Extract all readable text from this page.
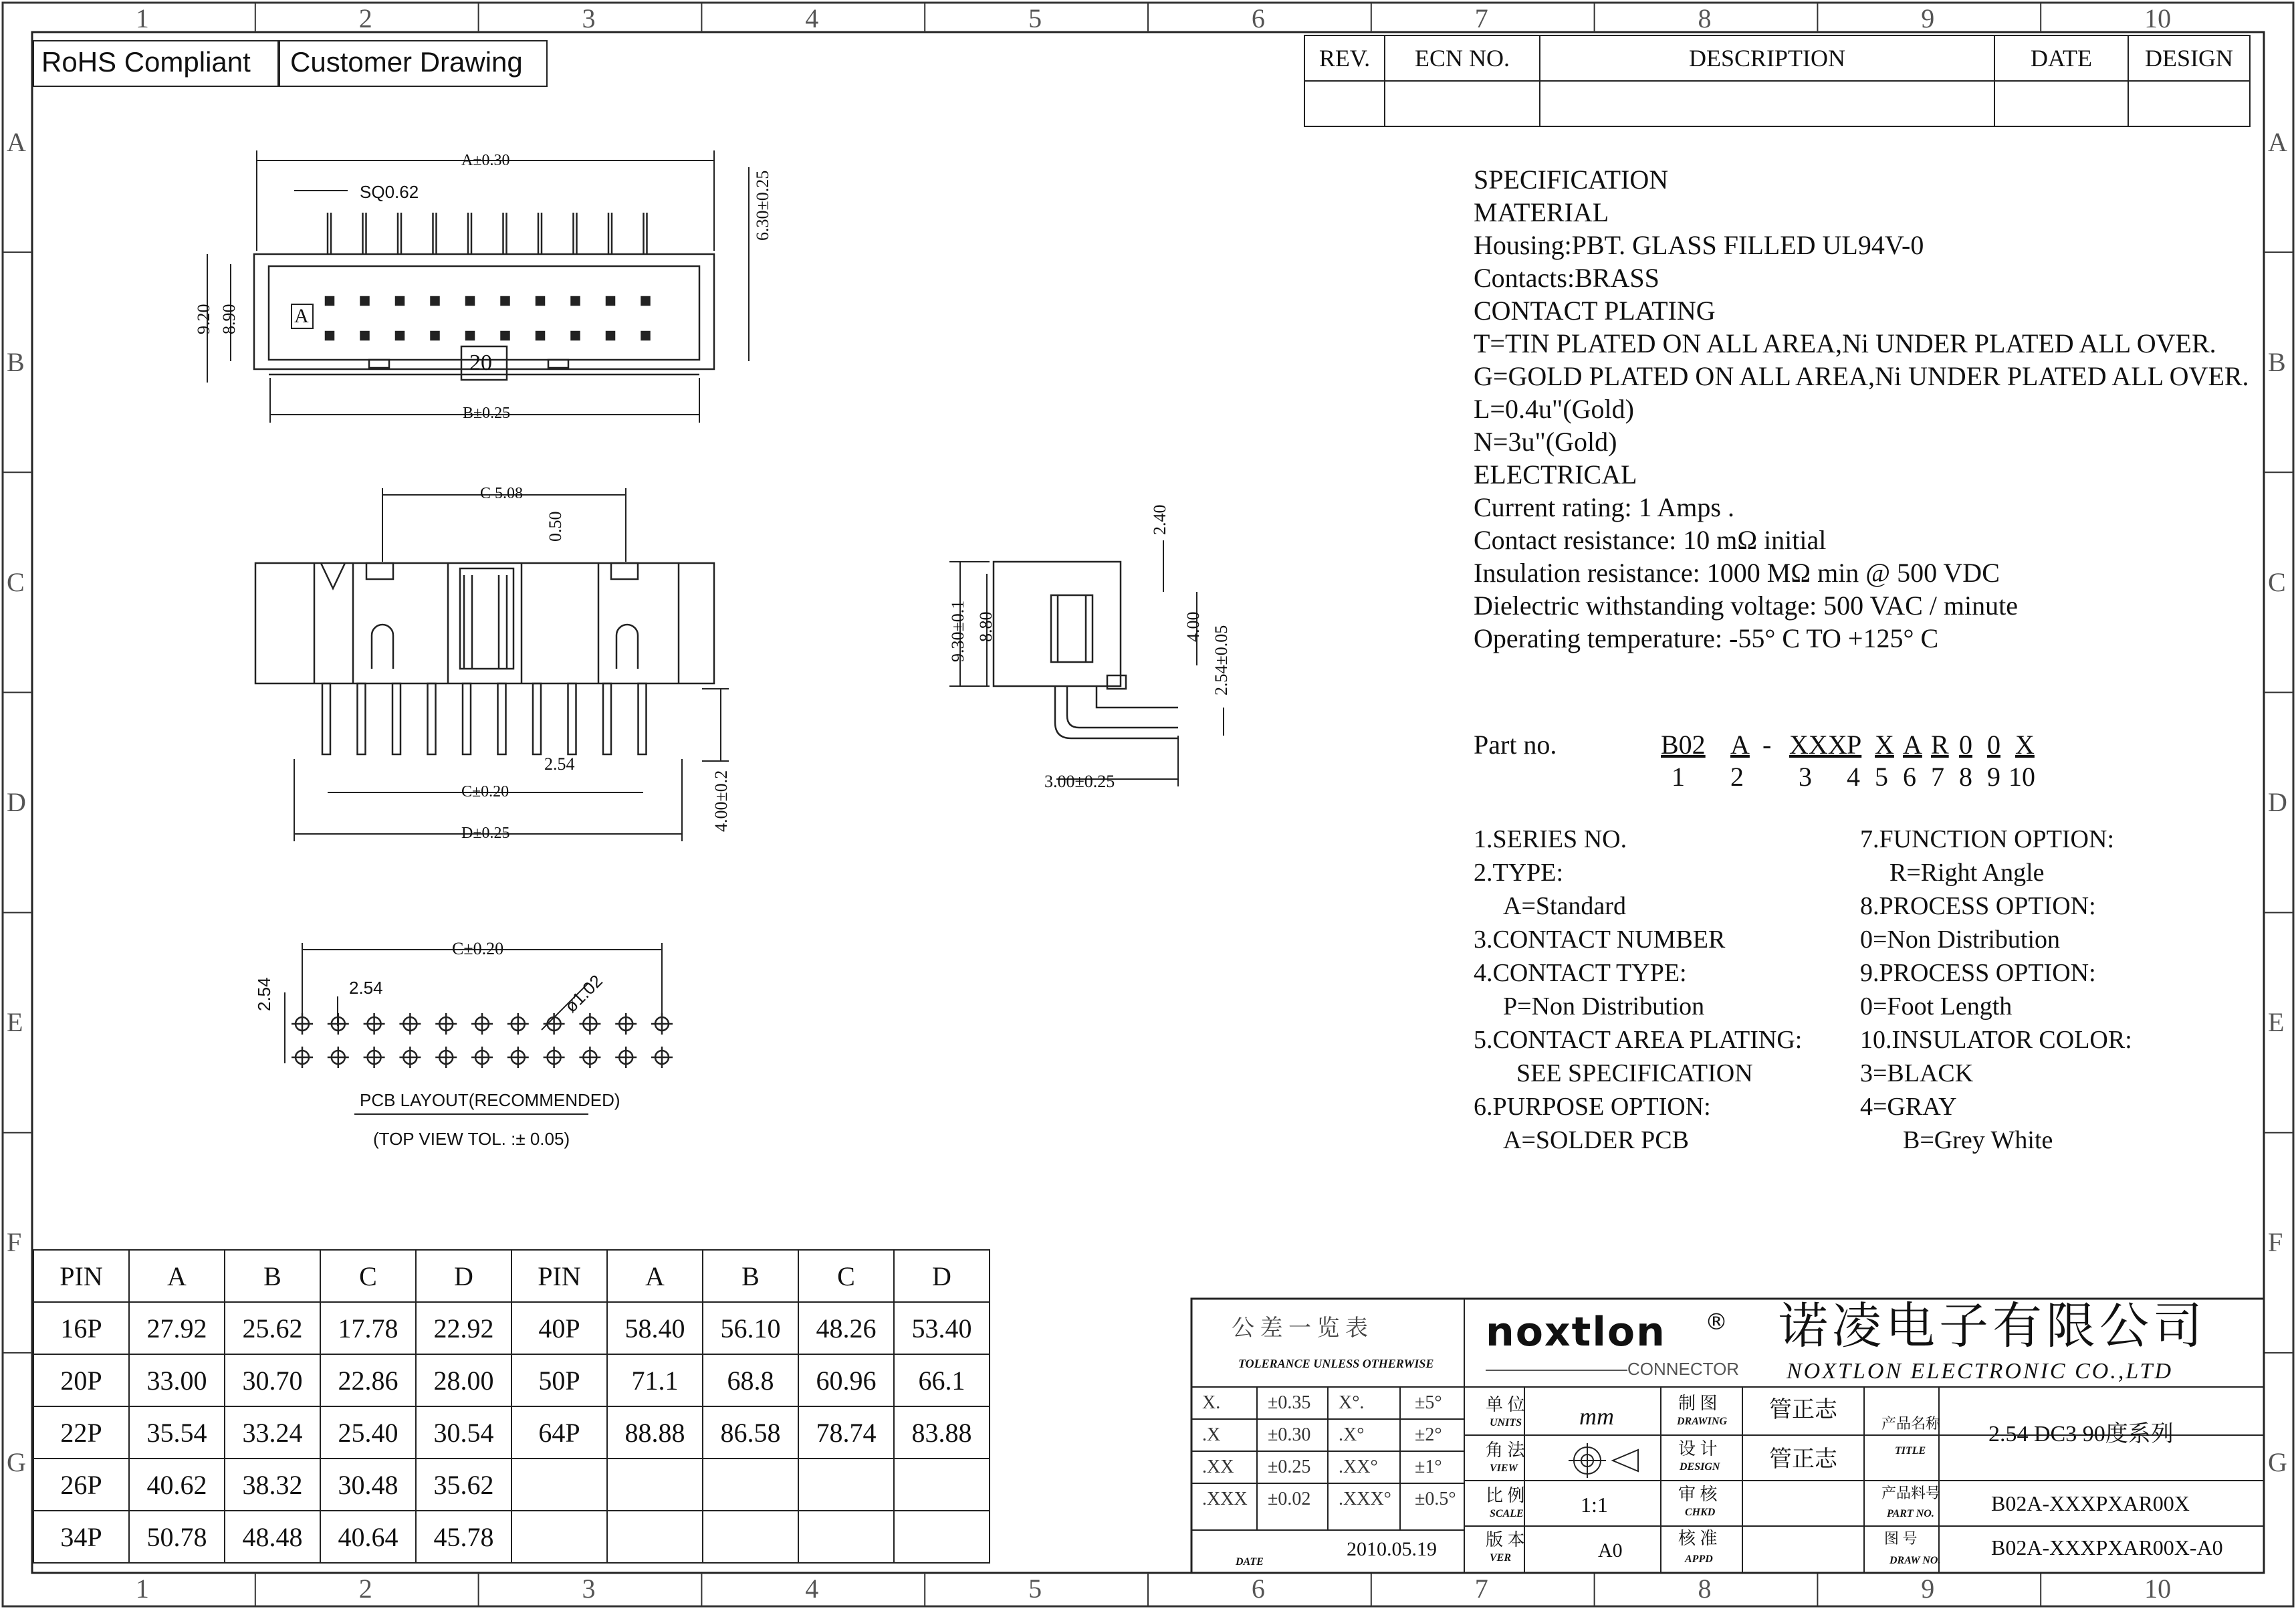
1
1
2
2
3
3
4
4
5
5
6
6
7
7
8
8
9
9
10
10
A	A
B	B
C	C
D	D
E	E
F	F
G	G
RoHS Compliant Customer Drawing	REV.	ECN NO.	DESCRIPTION	DATE	DESIGN

A±0.30
SQ0.62	6.30±0.25
9.20 8.90	A
20
B±0.25
C 5.08
0.50
2.54
C±0.20
D±0.25
4.00±0.2
2.40
9.30±0.1 8.80	4.00 2.54±0.05
3.00±0.25
C±0.20
2.54	2.54	ø1.02
PCB LAYOUT(RECOMMENDED)
(TOP VIEW TOL. :± 0.05)
SPECIFICATION
MATERIAL
Housing:PBT. GLASS FILLED UL94V-0
Contacts:BRASS
CONTACT PLATING
T=TIN PLATED ON ALL AREA,Ni UNDER PLATED ALL OVER.
G=GOLD PLATED ON ALL AREA,Ni UNDER PLATED ALL OVER.
L=0.4u"(Gold)
N=3u"(Gold)
ELECTRICAL
Current rating: 1 Amps .
Contact resistance: 10 mΩ initial
Insulation resistance: 1000 MΩ min @ 500 VDC
Dielectric withstanding voltage: 500 VAC / minute
Operating temperature: -55° C TO +125° C
Part no.	B02 A - XXX P X A R 0 0 X
1 2 3 4 5 6 7 8 9 10
1.SERIES NO.
2.TYPE:
A=Standard
3.CONTACT NUMBER
4.CONTACT TYPE:
P=Non Distribution
5.CONTACT AREA PLATING:
SEE SPECIFICATION
6.PURPOSE OPTION:
A=SOLDER PCB
7.FUNCTION OPTION:
R=Right Angle
8.PROCESS OPTION:
0=Non Distribution
9.PROCESS OPTION:
0=Foot Length
10.INSULATOR COLOR:
3=BLACK
4=GRAY
B=Grey White
PIN	A	B	C	D	PIN	A	B	C	D
16P	27.92	25.62	17.78	22.92	40P	58.40	56.10	48.26	53.40
20P	33.00	30.70	22.86	28.00	50P	71.1	68.8	60.96	66.1
22P	35.54	33.24	25.40	30.54	64P	88.88	86.58	78.74	83.88
26P	40.62	38.32	30.48	35.62					
34P	50.78	48.48	40.64	45.78					
公 差 一 览 表
TOLERANCE UNLESS OTHERWISE
X.	±0.35 X°.	±5°
.X	±0.30 .X°	±2°
.XX ±0.25 .XX° ±1°
.XXX ±0.02 .XXX° ±0.5°
DATE
2010.05.19
noxtlon ®
CONNECTOR
诺凌电子有限公司
NOXTLON ELECTRONIC CO.,LTD
单 位
UNITS mm
角 法
VIEW
比 例
SCALE	1:1
版 本
VER	A0
制 图
DRAWING 管正志
设 计
DESIGN 管正志
审 核
CHKD
核 准
APPD
产品名称
TITLE
2.54 DC3 90度系列
产品料号
PART NO.	B02A-XXXPXAR00X
图 号
DRAW NO.
B02A-XXXPXAR00X-A0
